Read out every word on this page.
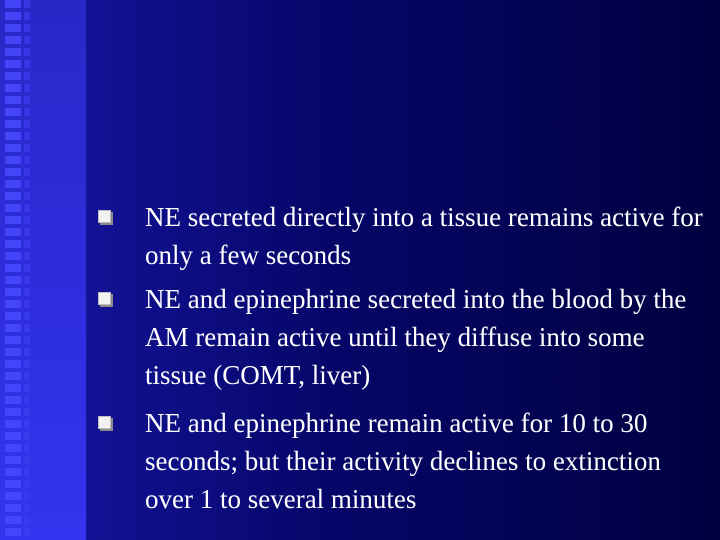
NE secreted directly into a tissue remains active for only a few seconds
NE and epinephrine secreted into the blood by the AM remain active until they diffuse into some tissue (COMT, liver)
NE and epinephrine remain active for 10 to 30 seconds; but their activity declines to extinction over 1 to several minutes
